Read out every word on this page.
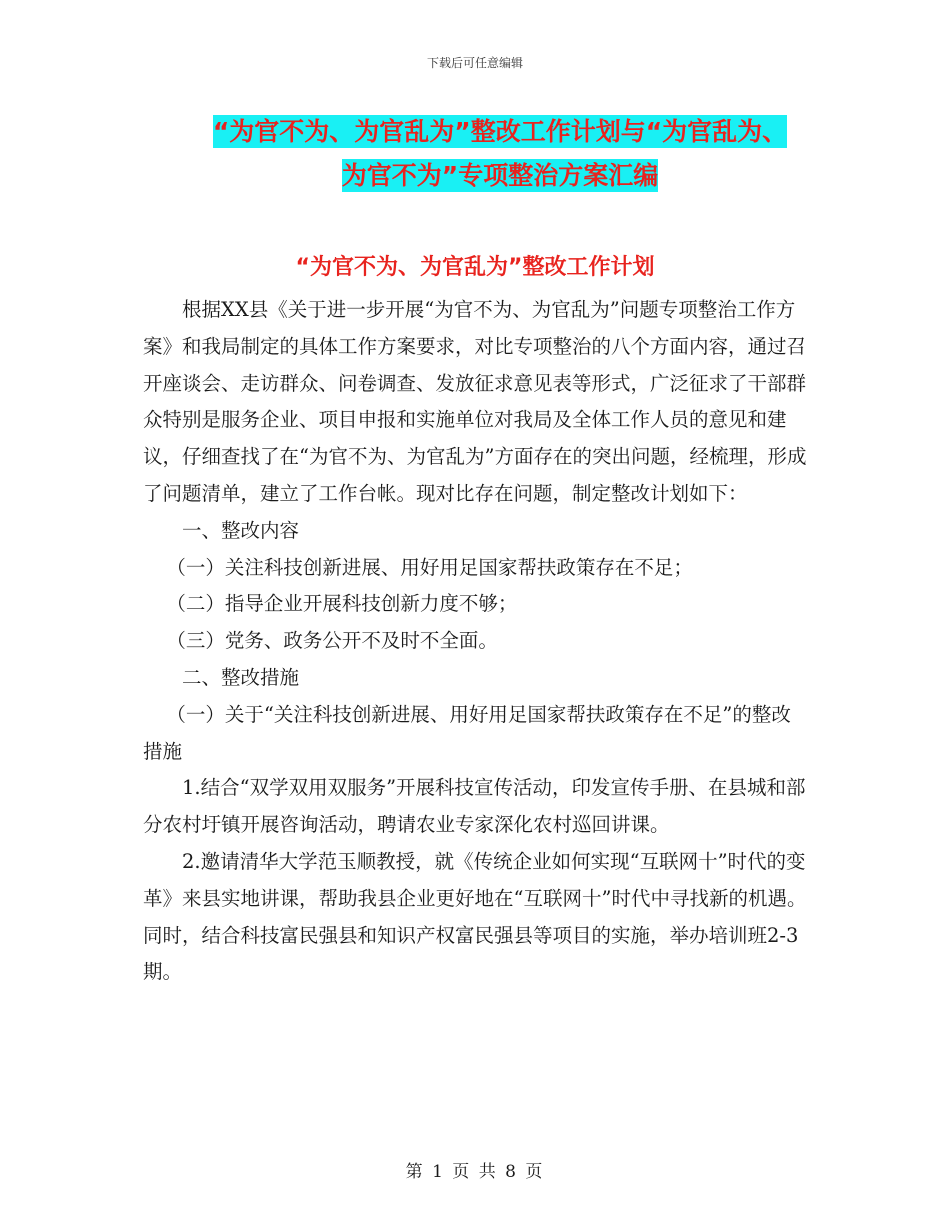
下载后可任意编辑
“为官不为、为官乱为”整改工作计划与“为官乱为、
为官不为”专项整治方案汇编
“为官不为、为官乱为”整改工作计划

根据XX县《关于进一步开展“为官不为、为官乱为”问题专项整治工作方案》和我局制定的具体工作方案要求，对比专项整治的八个方面内容，通过召开座谈会、走访群众、问卷调查、发放征求意见表等形式，广泛征求了干部群众特别是服务企业、项目申报和实施单位对我局及全体工作人员的意见和建议，仔细查找了在“为官不为、为官乱为”方面存在的突出问题，经梳理，形成了问题清单，建立了工作台帐。现对比存在问题，制定整改计划如下：

一、整改内容

（一）关注科技创新进展、用好用足国家帮扶政策存在不足；

（二）指导企业开展科技创新力度不够；

（三）党务、政务公开不及时不全面。

二、整改措施

（一）关于“关注科技创新进展、用好用足国家帮扶政策存在不足”的整改措施

1.结合“双学双用双服务”开展科技宣传活动，印发宣传手册、在县城和部分农村圩镇开展咨询活动，聘请农业专家深化农村巡回讲课。

2.邀请清华大学范玉顺教授，就《传统企业如何实现“互联网十”时代的变革》来县实地讲课，帮助我县企业更好地在“互联网十”时代中寻找新的机遇。同时，结合科技富民强县和知识产权富民强县等项目的实施，举办培训班2-3期。

第 1 页 共 8 页
